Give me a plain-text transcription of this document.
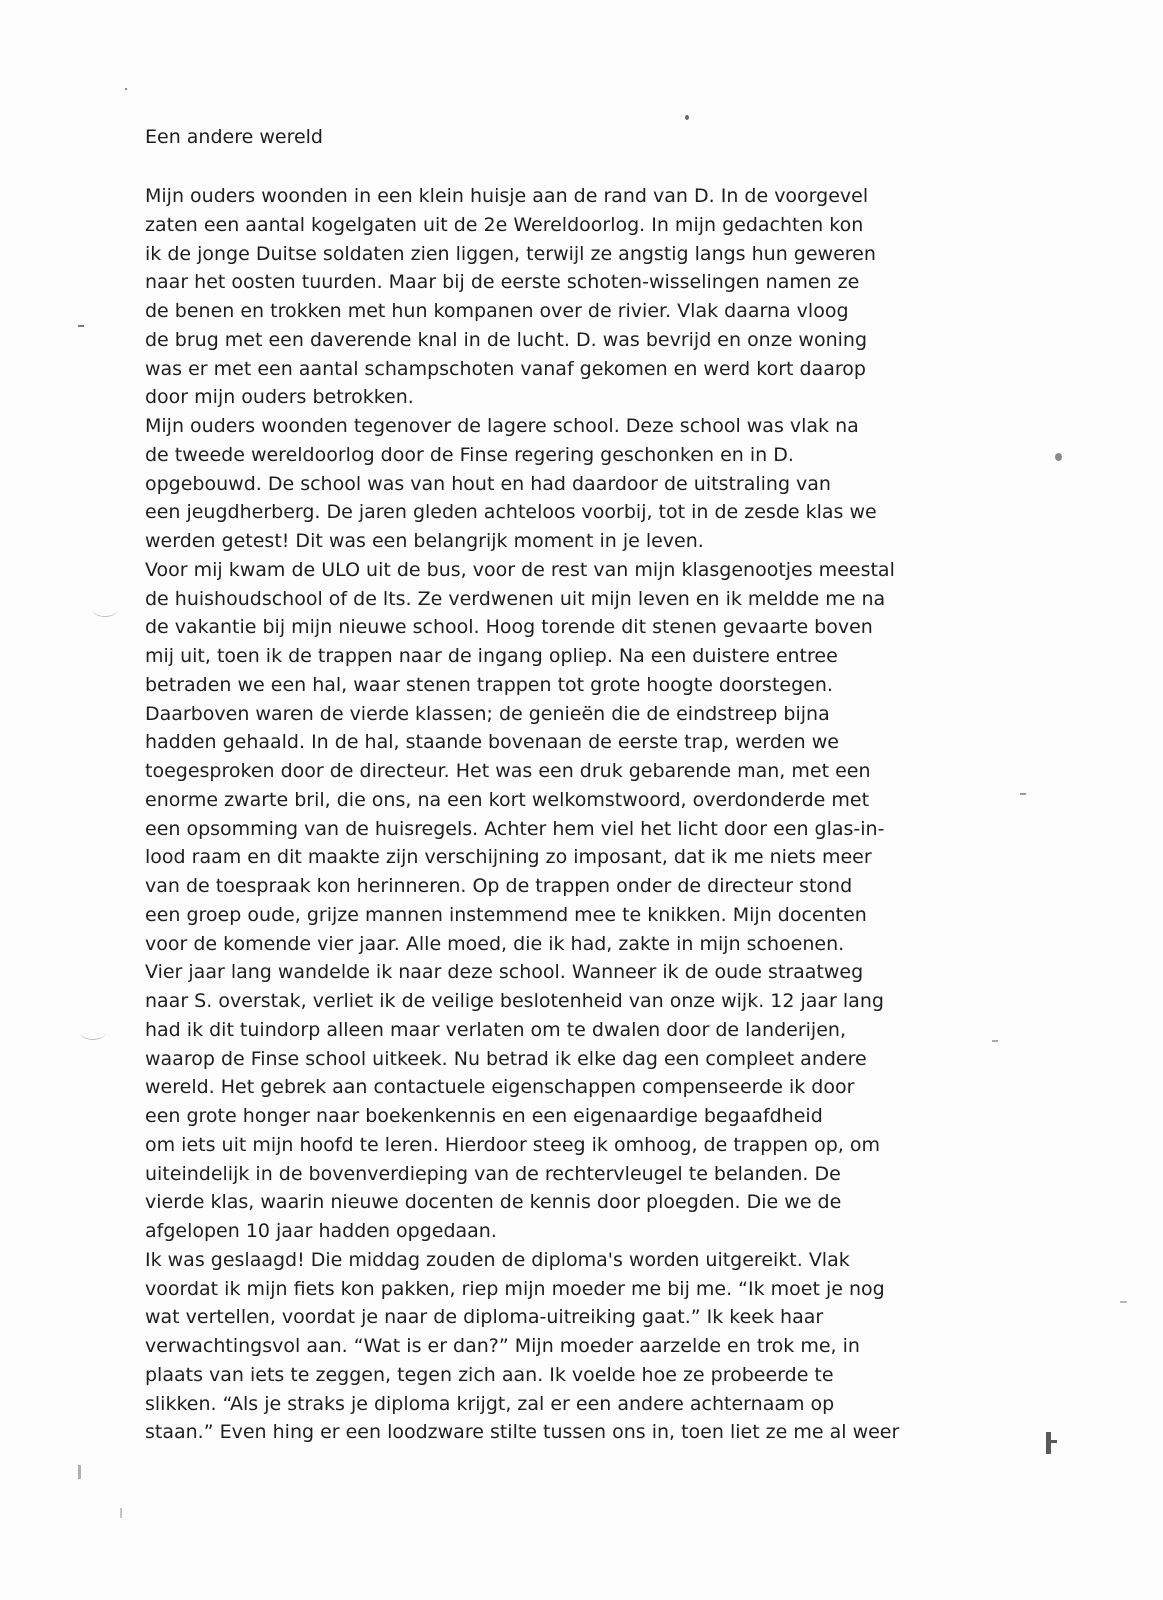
Een andere wereld
Mijn ouders woonden in een klein huisje aan de rand van D. In de voorgevel
zaten een aantal kogelgaten uit de 2e Wereldoorlog. In mijn gedachten kon
ik de jonge Duitse soldaten zien liggen, terwijl ze angstig langs hun geweren
naar het oosten tuurden. Maar bij de eerste schoten-wisselingen namen ze
de benen en trokken met hun kompanen over de rivier. Vlak daarna vloog
de brug met een daverende knal in de lucht. D. was bevrijd en onze woning
was er met een aantal schampschoten vanaf gekomen en werd kort daarop
door mijn ouders betrokken.
Mijn ouders woonden tegenover de lagere school. Deze school was vlak na
de tweede wereldoorlog door de Finse regering geschonken en in D.
opgebouwd. De school was van hout en had daardoor de uitstraling van
een jeugdherberg. De jaren gleden achteloos voorbij, tot in de zesde klas we
werden getest! Dit was een belangrijk moment in je leven.
Voor mij kwam de ULO uit de bus, voor de rest van mijn klasgenootjes meestal
de huishoudschool of de lts. Ze verdwenen uit mijn leven en ik meldde me na
de vakantie bij mijn nieuwe school. Hoog torende dit stenen gevaarte boven
mij uit, toen ik de trappen naar de ingang opliep. Na een duistere entree
betraden we een hal, waar stenen trappen tot grote hoogte doorstegen.
Daarboven waren de vierde klassen; de genieën die de eindstreep bijna
hadden gehaald. In de hal, staande bovenaan de eerste trap, werden we
toegesproken door de directeur. Het was een druk gebarende man, met een
enorme zwarte bril, die ons, na een kort welkomstwoord, overdonderde met
een opsomming van de huisregels. Achter hem viel het licht door een glas-in-
lood raam en dit maakte zijn verschijning zo imposant, dat ik me niets meer
van de toespraak kon herinneren. Op de trappen onder de directeur stond
een groep oude, grijze mannen instemmend mee te knikken. Mijn docenten
voor de komende vier jaar. Alle moed, die ik had, zakte in mijn schoenen.
Vier jaar lang wandelde ik naar deze school. Wanneer ik de oude straatweg
naar S. overstak, verliet ik de veilige beslotenheid van onze wijk. 12 jaar lang
had ik dit tuindorp alleen maar verlaten om te dwalen door de landerijen,
waarop de Finse school uitkeek. Nu betrad ik elke dag een compleet andere
wereld. Het gebrek aan contactuele eigenschappen compenseerde ik door
een grote honger naar boekenkennis en een eigenaardige begaafdheid
om iets uit mijn hoofd te leren. Hierdoor steeg ik omhoog, de trappen op, om
uiteindelijk in de bovenverdieping van de rechtervleugel te belanden. De
vierde klas, waarin nieuwe docenten de kennis door ploegden. Die we de
afgelopen 10 jaar hadden opgedaan.
Ik was geslaagd! Die middag zouden de diploma's worden uitgereikt. Vlak
voordat ik mijn fiets kon pakken, riep mijn moeder me bij me. “Ik moet je nog
wat vertellen, voordat je naar de diploma-uitreiking gaat.” Ik keek haar
verwachtingsvol aan. “Wat is er dan?” Mijn moeder aarzelde en trok me, in
plaats van iets te zeggen, tegen zich aan. Ik voelde hoe ze probeerde te
slikken. “Als je straks je diploma krijgt, zal er een andere achternaam op
staan.” Even hing er een loodzware stilte tussen ons in, toen liet ze me al weer
